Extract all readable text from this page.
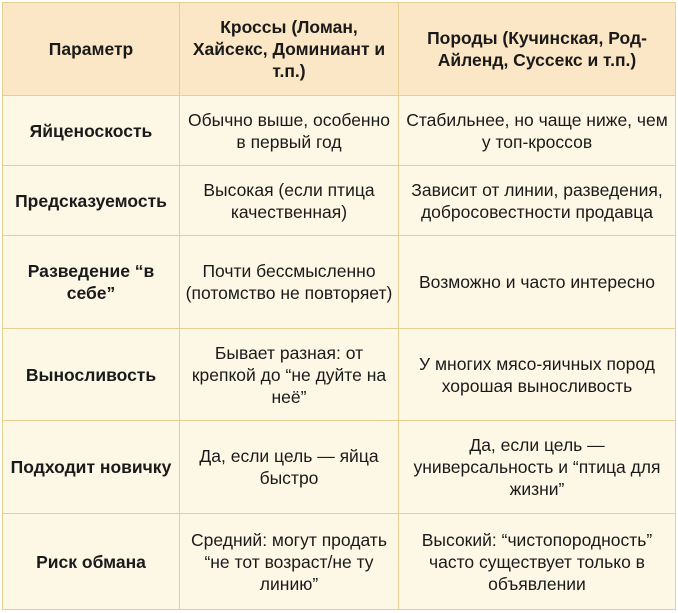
Параметр	Кроссы (Ломан, Хайсекс, Доминиант и т.п.)	Породы (Кучинская, Род-Айленд, Суссекс и т.п.)
Яйценоскость	Обычно выше, особенно в первый год	Стабильнее, но чаще ниже, чем у топ-кроссов
Предсказуемость	Высокая (если птица качественная)	Зависит от линии, разведения, добросовестности продавца
Разведение “в себе”	Почти бессмысленно (потомство не повторяет)	Возможно и часто интересно
Выносливость	Бывает разная: от крепкой до “не дуйте на неё”	У многих мясо-яичных пород хорошая выносливость
Подходит новичку	Да, если цель — яйца быстро	Да, если цель — универсальность и “птица для жизни”
Риск обмана	Средний: могут продать “не тот возраст/не ту линию”	Высокий: “чистопородность” часто существует только в объявлении
